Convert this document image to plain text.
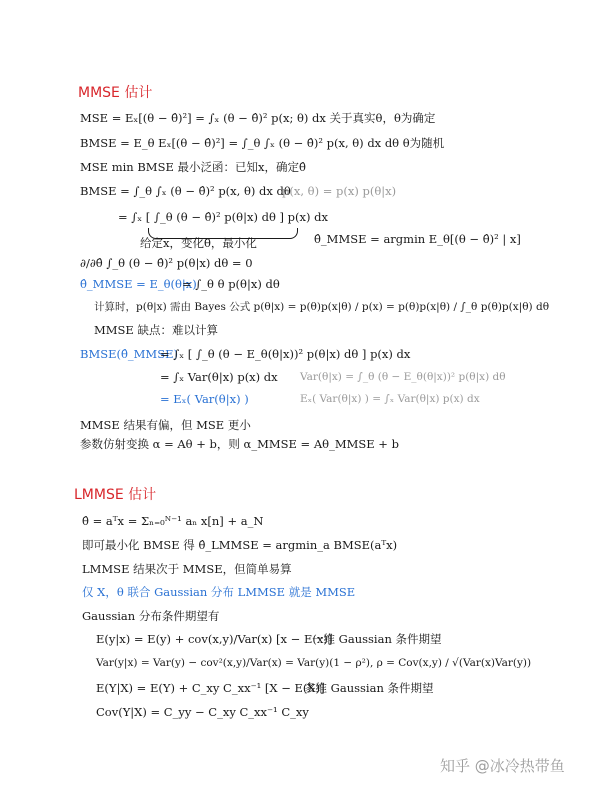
MMSE 估计
MSE = Eₓ[(θ − θ̂)²] = ∫ₓ (θ − θ̂)² p(x; θ) dx 关于真实θ，θ为确定
BMSE = E_θ Eₓ[(θ − θ̂)²] = ∫_θ ∫ₓ (θ − θ̂)² p(x, θ) dx dθ θ为随机
MSE min BMSE 最小泛函：已知x，确定θ̂
BMSE = ∫_θ ∫ₓ (θ − θ̂)² p(x, θ) dx dθ
p(x, θ) = p(x) p(θ|x)
= ∫ₓ [ ∫_θ (θ − θ̂)² p(θ|x) dθ ] p(x) dx
给定x，变化θ̂，最小化	θ̂_MMSE = argmin E_θ[(θ − θ̂)² | x]
∂/∂θ̂ ∫_θ (θ − θ̂)² p(θ|x) dθ = 0
θ̂_MMSE = E_θ(θ|x)
= ∫_θ θ p(θ|x) dθ
计算时，p(θ|x) 需由 Bayes 公式 p(θ|x) = p(θ)p(x|θ) / p(x) = p(θ)p(x|θ) / ∫_θ p(θ)p(x|θ) dθ
MMSE 缺点：难以计算
BMSE(θ̂_MMSE)
= ∫ₓ [ ∫_θ (θ − E_θ(θ|x))² p(θ|x) dθ ] p(x) dx
= ∫ₓ Var(θ|x) p(x) dx Var(θ|x) = ∫_θ (θ − E_θ(θ|x))² p(θ|x) dθ
= Eₓ( Var(θ|x) )	Eₓ( Var(θ|x) ) = ∫ₓ Var(θ|x) p(x) dx
MMSE 结果有偏，但 MSE 更小
参数仿射变换 α = Aθ + b，则 α_MMSE = Aθ_MMSE + b
LMMSE 估计
θ̂ = aᵀx = Σₙ₌₀ᴺ⁻¹ aₙ x[n] + a_N
即可最小化 BMSE 得 θ̂_LMMSE = argmin_a BMSE(aᵀx)
LMMSE 结果次于 MMSE，但简单易算
仅 X，θ 联合 Gaussian 分布 LMMSE 就是 MMSE
Gaussian 分布条件期望有
E(y|x) = E(y) + cov(x,y)/Var(x) [x − E(x)]
一维 Gaussian 条件期望
Var(y|x) = Var(y) − cov²(x,y)/Var(x) = Var(y)(1 − ρ²), ρ = Cov(x,y) / √(Var(x)Var(y))
E(Y|X) = E(Y) + C_xy C_xx⁻¹ [X − E(X)]
多维 Gaussian 条件期望
Cov(Y|X) = C_yy − C_xy C_xx⁻¹ C_xy
知乎 @冰冷热带鱼
